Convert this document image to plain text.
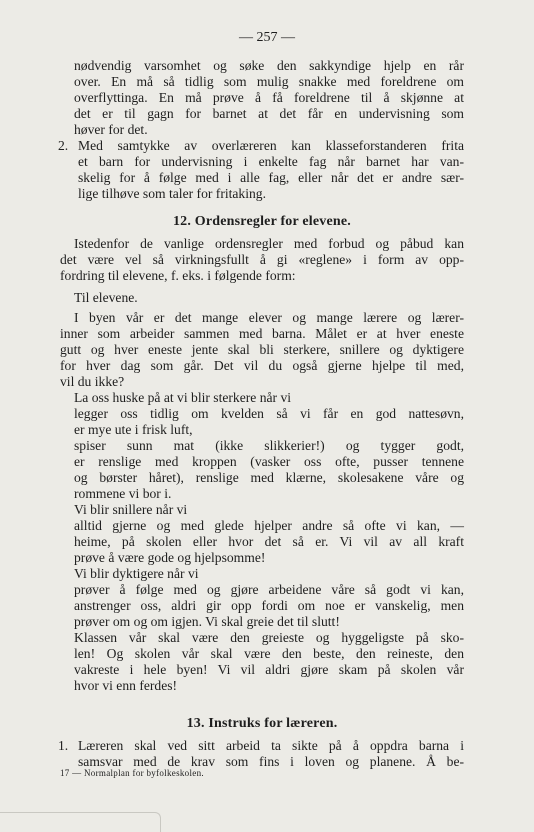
— 257 —
nødvendig varsomhet og søke den sakkyndige hjelp en rår
over. En må så tidlig som mulig snakke med foreldrene om
overflyttinga. En må prøve å få foreldrene til å skjønne at
det er til gagn for barnet at det får en undervisning som
høver for det.
2. Med samtykke av overlæreren kan klasseforstanderen frita
et barn for undervisning i enkelte fag når barnet har van-
skelig for å følge med i alle fag, eller når det er andre sær-
lige tilhøve som taler for fritaking.
12. Ordensregler for elevene.
Istedenfor de vanlige ordensregler med forbud og påbud kan
det være vel så virkningsfullt å gi «reglene» i form av opp-
fordring til elevene, f. eks. i følgende form:
Til elevene.
I byen vår er det mange elever og mange lærere og lærer-
inner som arbeider sammen med barna. Målet er at hver eneste
gutt og hver eneste jente skal bli sterkere, snillere og dyktigere
for hver dag som går. Det vil du også gjerne hjelpe til med,
vil du ikke?
La oss huske på at vi blir sterkere når vi
legger oss tidlig om kvelden så vi får en god nattesøvn,
er mye ute i frisk luft,
spiser sunn mat (ikke slikkerier!) og tygger godt,
er renslige med kroppen (vasker oss ofte, pusser tennene
og børster håret), renslige med klærne, skolesakene våre og
rommene vi bor i.
Vi blir snillere når vi
alltid gjerne og med glede hjelper andre så ofte vi kan, —
heime, på skolen eller hvor det så er. Vi vil av all kraft
prøve å være gode og hjelpsomme!
Vi blir dyktigere når vi
prøver å følge med og gjøre arbeidene våre så godt vi kan,
anstrenger oss, aldri gir opp fordi om noe er vanskelig, men
prøver om og om igjen. Vi skal greie det til slutt!
Klassen vår skal være den greieste og hyggeligste på sko-
len! Og skolen vår skal være den beste, den reineste, den
vakreste i hele byen! Vi vil aldri gjøre skam på skolen vår
hvor vi enn ferdes!
13. Instruks for læreren.
1. Læreren skal ved sitt arbeid ta sikte på å oppdra barna i
samsvar med de krav som fins i loven og planene. Å be-
17 — Normalplan for byfolkeskolen.
